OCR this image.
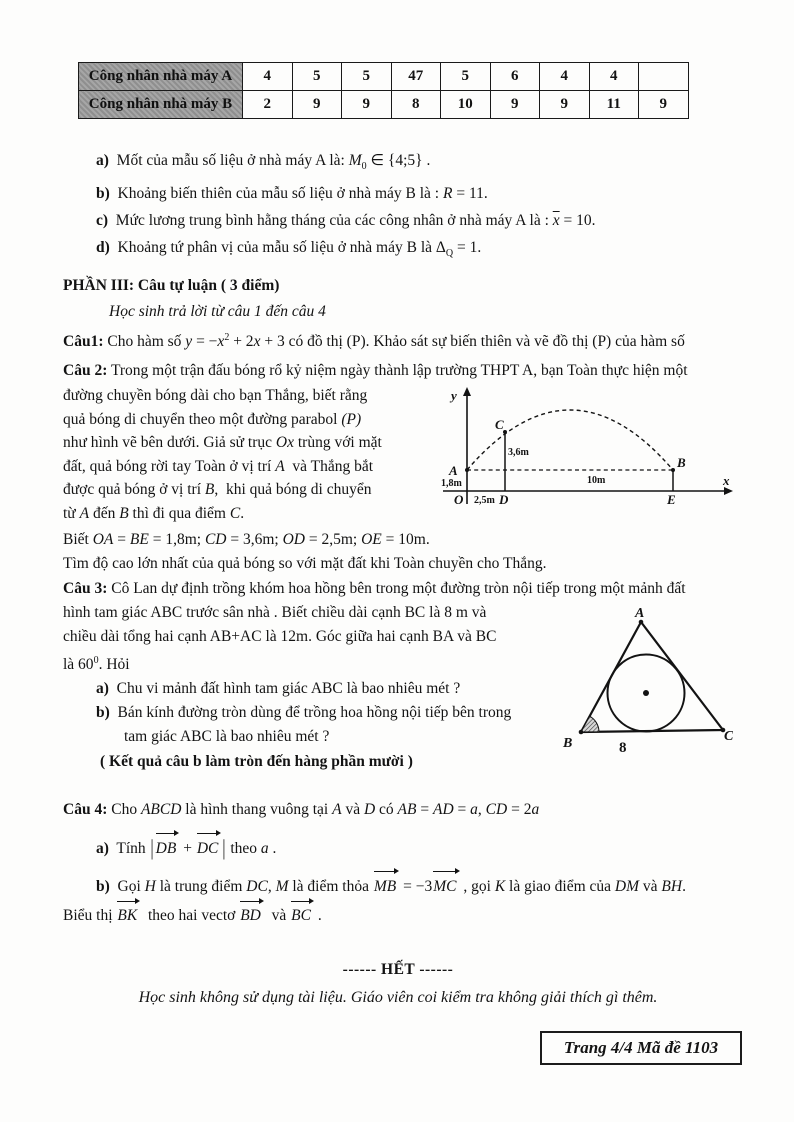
Công nhân nhà máy A	4	5	5	47	5	6	4	4	
Công nhân nhà máy B	2	9	9	8	10	9	9	11	9
a)  Mốt của mẫu số liệu ở nhà máy A là: $M_0$ ∈ {4;5} .
b)  Khoảng biến thiên của mẫu số liệu ở nhà máy B là : R = 11.
c)  Mức lương trung bình hằng tháng của các công nhân ở nhà máy A là : $\overline{x} = 10$.
d)  Khoảng tứ phân vị của mẫu số liệu ở nhà máy B là $\Delta_Q = 1$.
PHẦN III: Câu tự luận ( 3 điểm)
Học sinh trả lời từ câu 1 đến câu 4
Câu1: Cho hàm số $y = -x^2 + 2x + 3$ có đồ thị (P). Khảo sát sự biến thiên và vẽ đồ thị (P) của hàm số
Câu 2: Trong một trận đấu bóng rổ kỷ niệm ngày thành lập trường THPT A, bạn Toàn thực hiện một
đường chuyền bóng dài cho bạn Thắng, biết rằng
quả bóng di chuyển theo một đường parabol (P)
như hình vẽ bên dưới. Giả sử trục Ox trùng với mặt
đất, quả bóng rời tay Toàn ở vị trí A  và Thắng bắt
được quả bóng ở vị trí B,  khi quả bóng di chuyển
từ A đến B thì đi qua điểm C.
y
x
O
A
B
C
D	E
1,8m
3,6m
2,5m
10m
Biết OA = BE = 1,8m; CD = 3,6m; OD = 2,5m; OE = 10m.
Tìm độ cao lớn nhất của quả bóng so với mặt đất khi Toàn chuyền cho Thắng.
Câu 3: Cô Lan dự định trồng khóm hoa hồng bên trong một đường tròn nội tiếp trong một mảnh đất
hình tam giác ABC trước sân nhà . Biết chiều dài cạnh BC là 8 m và
chiều dài tổng hai cạnh AB+AC là 12m. Góc giữa hai cạnh BA và BC
là $60^0$. Hỏi
a)  Chu vi mảnh đất hình tam giác ABC là bao nhiêu mét ?
b)  Bán kính đường tròn dùng để trồng hoa hồng nội tiếp bên trong
tam giác ABC là bao nhiêu mét ?
( Kết quả câu b làm tròn đến hàng phần mười )
A
B	C
8
Câu 4: Cho ABCD là hình thang vuông tại A và D có AB = AD = a, CD = 2a
a)  Tính | DB + DC | theo a .
b)  Gọi H là trung điểm DC, M là điểm thỏa MB = −3MC , gọi K là giao điểm của DM và BH.
Biểu thị BK  theo hai vectơ BD  và BC .
------ HẾT ------
Học sinh không sử dụng tài liệu. Giáo viên coi kiểm tra không giải thích gì thêm.
Trang 4/4 Mã đề 1103
